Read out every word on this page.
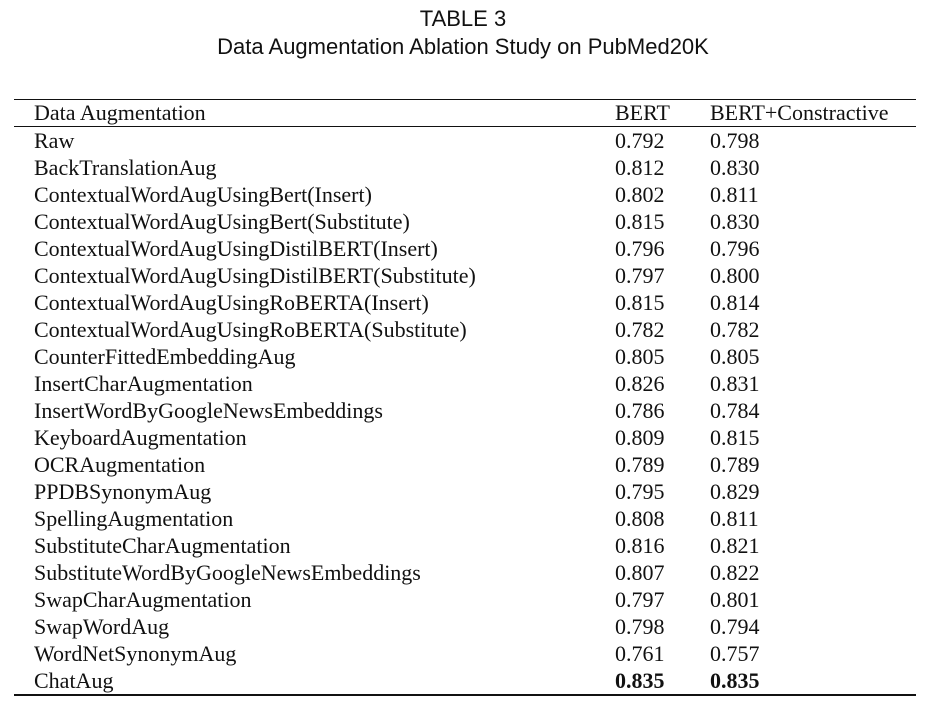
TABLE 3
Data Augmentation Ablation Study on PubMed20K
Data Augmentation	BERT	BERT+Constractive
Raw	0.792	0.798
BackTranslationAug	0.812	0.830
ContextualWordAugUsingBert(Insert)	0.802	0.811
ContextualWordAugUsingBert(Substitute)	0.815	0.830
ContextualWordAugUsingDistilBERT(Insert)	0.796	0.796
ContextualWordAugUsingDistilBERT(Substitute)	0.797	0.800
ContextualWordAugUsingRoBERTA(Insert)	0.815	0.814
ContextualWordAugUsingRoBERTA(Substitute)	0.782	0.782
CounterFittedEmbeddingAug	0.805	0.805
InsertCharAugmentation	0.826	0.831
InsertWordByGoogleNewsEmbeddings	0.786	0.784
KeyboardAugmentation	0.809	0.815
OCRAugmentation	0.789	0.789
PPDBSynonymAug	0.795	0.829
SpellingAugmentation	0.808	0.811
SubstituteCharAugmentation	0.816	0.821
SubstituteWordByGoogleNewsEmbeddings	0.807	0.822
SwapCharAugmentation	0.797	0.801
SwapWordAug	0.798	0.794
WordNetSynonymAug	0.761	0.757
ChatAug	0.835	0.835
